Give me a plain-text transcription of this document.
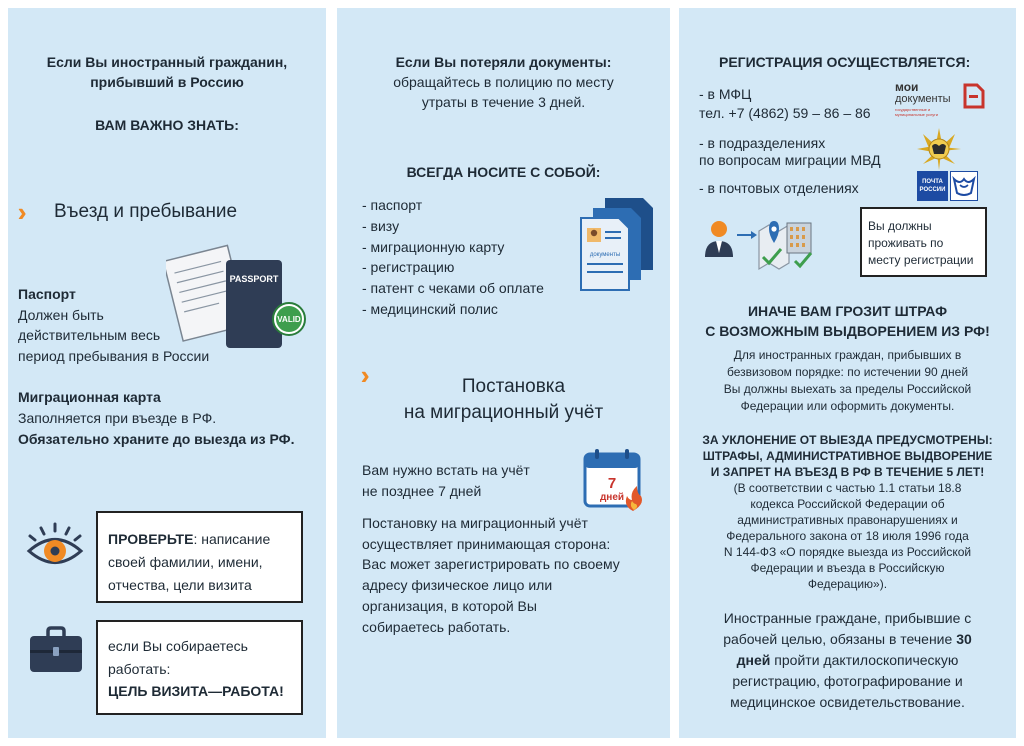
Если Вы иностранный гражданин,
прибывший в Россию
ВАМ ВАЖНО ЗНАТЬ:
Въезд и пребывание
PASSPORT
VALID
Паспорт
Должен быть
действительным весь
период пребывания в России
Миграционная карта
Заполняется при въезде в РФ.
Обязательно храните до выезда из РФ.
ПРОВЕРЬТЕ: написание
своей фамилии, имени,
отчества, цели визита
если Вы собираетесь
работать:
ЦЕЛЬ ВИЗИТА—РАБОТА!
Если Вы потеряли документы:
обращайтесь в полицию по месту
утраты в течение 3 дней.
ВСЕГДА НОСИТЕ С СОБОЙ:
- паспорт
- визу
- миграционную карту
- регистрацию
- патент с чеками об оплате
- медицинский полис
документы
Постановка
на миграционный учёт
Вам нужно встать на учёт
не позднее 7 дней	7
дней
Постановку на миграционный учёт
осуществляет принимающая сторона:
Вас может зарегистрировать по своему
адресу физическое лицо или
организация, в которой Вы
собираетесь работать.
РЕГИСТРАЦИЯ ОСУЩЕСТВЛЯЕТСЯ:
- в МФЦ
тел. +7 (4862) 59 – 86 – 86
мои
документы
государственные и муниципальные услуги
- в подразделениях
по вопросам миграции МВД
- в почтовых отделениях	ПОЧТА
РОССИИ
Вы должны
проживать по
месту регистрации
ИНАЧЕ ВАМ ГРОЗИТ ШТРАФ
С ВОЗМОЖНЫМ ВЫДВОРЕНИЕМ ИЗ РФ!
Для иностранных граждан, прибывших в
безвизовом порядке: по истечении 90 дней
Вы должны выехать за пределы Российской
Федерации или оформить документы.
ЗА УКЛОНЕНИЕ ОТ ВЫЕЗДА ПРЕДУСМОТРЕНЫ:
ШТРАФЫ, АДМИНИСТРАТИВНОЕ ВЫДВОРЕНИЕ
И ЗАПРЕТ НА ВЪЕЗД В РФ В ТЕЧЕНИЕ 5 ЛЕТ!
(В соответствии с частью 1.1 статьи 18.8
кодекса Российской Федерации об
административных правонарушениях и
Федерального закона от 18 июля 1996 года
N 144-ФЗ «О порядке выезда из Российской
Федерации и въезда в Российскую
Федерацию»).
Иностранные граждане, прибывшие с
рабочей целью, обязаны в течение 30
дней пройти дактилоскопическую
регистрацию, фотографирование и
медицинское освидетельствование.
